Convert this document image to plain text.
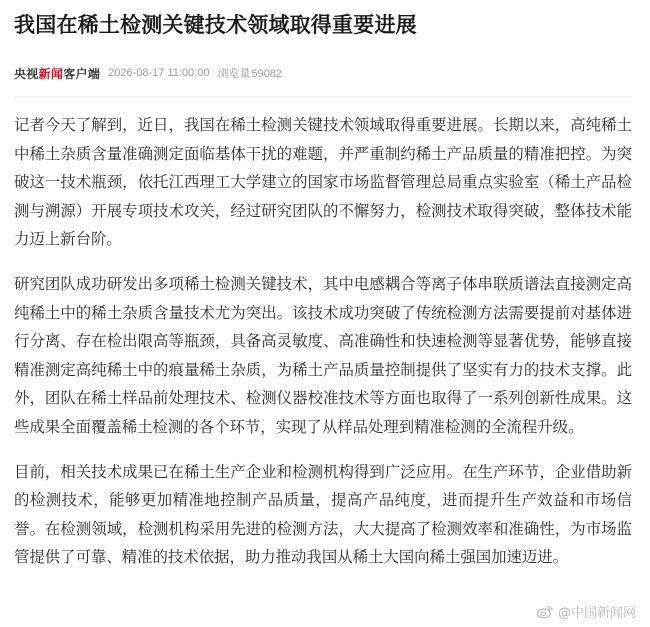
我国在稀土检测关键技术领域取得重要进展
央视新闻客户端 2026-08-17 11:00:00 浏览量59082

记者今天了解到，近日，我国在稀土检测关键技术领域取得重要进展。长期以来，高纯稀土中稀土杂质含量准确测定面临基体干扰的难题，并严重制约稀土产品质量的精准把控。为突破这一技术瓶颈，依托江西理工大学建立的国家市场监督管理总局重点实验室（稀土产品检测与溯源）开展专项技术攻关，经过研究团队的不懈努力，检测技术取得突破，整体技术能力迈上新台阶。

研究团队成功研发出多项稀土检测关键技术，其中电感耦合等离子体串联质谱法直接测定高纯稀土中的稀土杂质含量技术尤为突出。该技术成功突破了传统检测方法需要提前对基体进行分离、存在检出限高等瓶颈，具备高灵敏度、高准确性和快速检测等显著优势，能够直接精准测定高纯稀土中的痕量稀土杂质，为稀土产品质量控制提供了坚实有力的技术支撑。此外，团队在稀土样品前处理技术、检测仪器校准技术等方面也取得了一系列创新性成果。这些成果全面覆盖稀土检测的各个环节，实现了从样品处理到精准检测的全流程升级。

目前，相关技术成果已在稀土生产企业和检测机构得到广泛应用。在生产环节，企业借助新的检测技术，能够更加精准地控制产品质量，提高产品纯度，进而提升生产效益和市场信誉。在检测领域，检测机构采用先进的检测方法，大大提高了检测效率和准确性，为市场监管提供了可靠、精准的技术依据，助力推动我国从稀土大国向稀土强国加速迈进。

@中国新闻网
